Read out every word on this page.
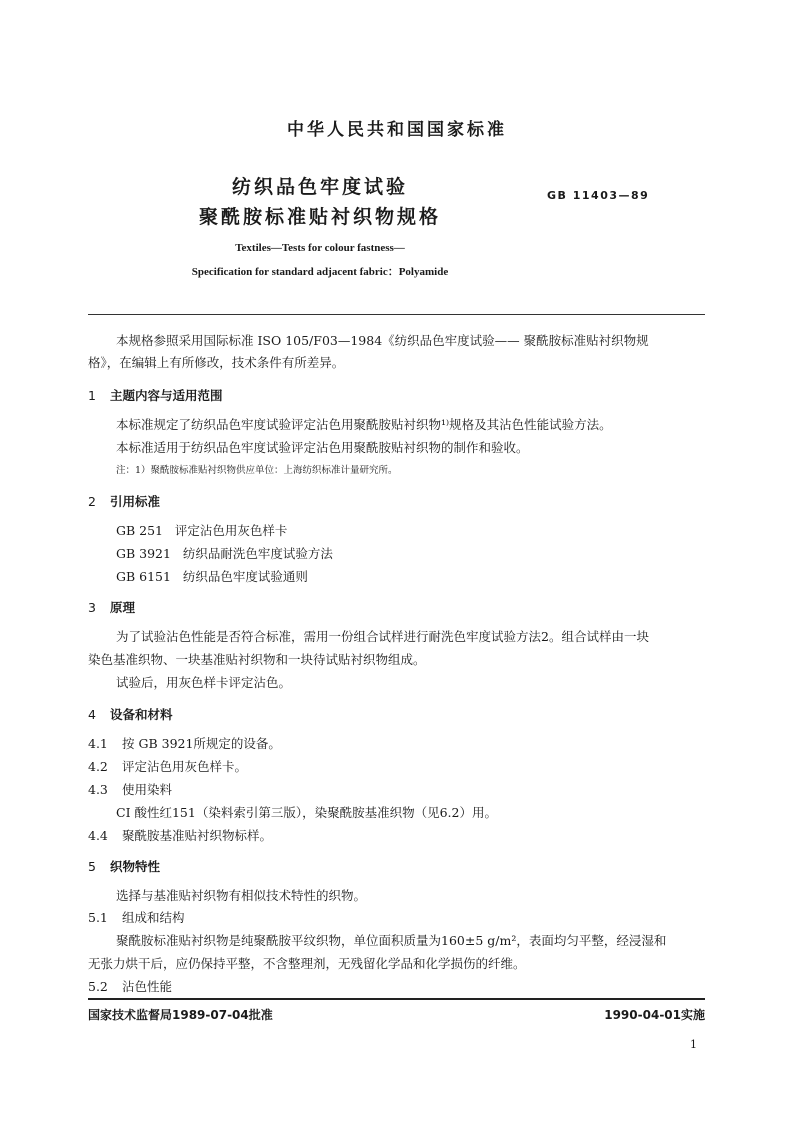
中华人民共和国国家标准
纺织品色牢度试验
聚酰胺标准贴衬织物规格
GB 11403—89
Textiles—Tests for colour fastness—
Specification for standard adjacent fabric：Polyamide
本规格参照采用国际标准 ISO 105/F03—1984《纺织品色牢度试验—— 聚酰胺标准贴衬织物规
格》，在编辑上有所修改，技术条件有所差异。
1 主题内容与适用范围
本标准规定了纺织品色牢度试验评定沾色用聚酰胺贴衬织物¹⁾规格及其沾色性能试验方法。
本标准适用于纺织品色牢度试验评定沾色用聚酰胺贴衬织物的制作和验收。
注：1）聚酰胺标准贴衬织物供应单位：上海纺织标准计量研究所。
2 引用标准
GB 251   评定沾色用灰色样卡
GB 3921   纺织品耐洗色牢度试验方法
GB 6151   纺织品色牢度试验通则
3 原理
为了试验沾色性能是否符合标准，需用一份组合试样进行耐洗色牢度试验方法2。组合试样由一块
染色基准织物、一块基准贴衬织物和一块待试贴衬织物组成。
试验后，用灰色样卡评定沾色。
4 设备和材料
4.1 按 GB 3921所规定的设备。
4.2 评定沾色用灰色样卡。
4.3 使用染料
CI 酸性红151（染料索引第三版），染聚酰胺基准织物（见6.2）用。
4.4 聚酰胺基准贴衬织物标样。
5 织物特性
选择与基准贴衬织物有相似技术特性的织物。
5.1 组成和结构
聚酰胺标准贴衬织物是纯聚酰胺平纹织物，单位面积质量为160±5 g/m²，表面均匀平整，经浸湿和
无张力烘干后，应仍保持平整，不含整理剂，无残留化学品和化学损伤的纤维。
5.2 沾色性能
国家技术监督局1989-07-04批准	1990-04-01实施
1
